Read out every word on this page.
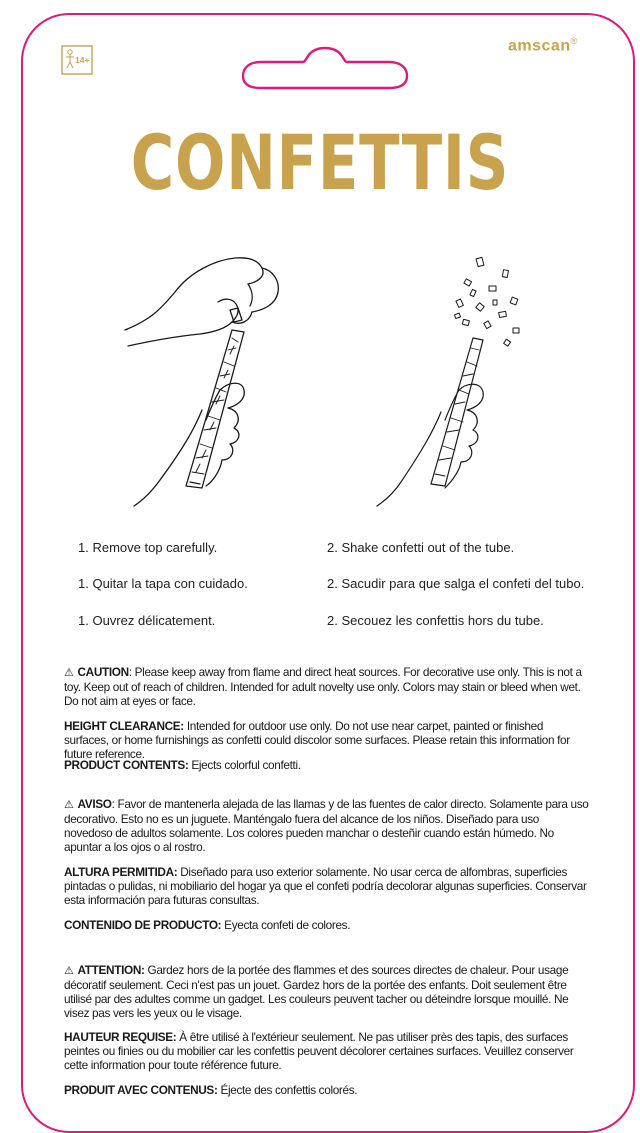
14+
amscan®
CONFETTIS
1. Remove top carefully.	2. Shake confetti out of the tube.
1. Quitar la tapa con cuidado.	2. Sacudir para que salga el confeti del tubo.
1. Ouvrez délicatement.	2. Secouez les confettis hors du tube.
⚠ CAUTION: Please keep away from flame and direct heat sources. For decorative use only. This is not a toy. Keep out of reach of children. Intended for adult novelty use only. Colors may stain or bleed when wet. Do not aim at eyes or face.
HEIGHT CLEARANCE: Intended for outdoor use only. Do not use near carpet, painted or finished surfaces, or home furnishings as confetti could discolor some surfaces. Please retain this information for future reference.
PRODUCT CONTENTS: Ejects colorful confetti.
⚠ AVISO: Favor de mantenerla alejada de las llamas y de las fuentes de calor directo. Solamente para uso decorativo. Esto no es un juguete. Manténgalo fuera del alcance de los niños. Diseñado para uso novedoso de adultos solamente. Los colores pueden manchar o desteñir cuando están húmedo. No apuntar a los ojos o al rostro.
ALTURA PERMITIDA: Diseñado para uso exterior solamente. No usar cerca de alfombras, superficies pintadas o pulidas, ni mobiliario del hogar ya que el confeti podría decolorar algunas superficies. Conservar esta información para futuras consultas.
CONTENIDO DE PRODUCTO: Eyecta confeti de colores.
⚠ ATTENTION: Gardez hors de la portée des flammes et des sources directes de chaleur. Pour usage décoratif seulement. Ceci n'est pas un jouet. Gardez hors de la portée des enfants. Doit seulement être utilisé par des adultes comme un gadget. Les couleurs peuvent tacher ou déteindre lorsque mouillé. Ne visez pas vers les yeux ou le visage.
HAUTEUR REQUISE: À être utilisé à l'extérieur seulement. Ne pas utiliser près des tapis, des surfaces peintes ou finies ou du mobilier car les confettis peuvent décolorer certaines surfaces. Veuillez conserver cette information pour toute référence future.
PRODUIT AVEC CONTENUS: Éjecte des confettis colorés.
